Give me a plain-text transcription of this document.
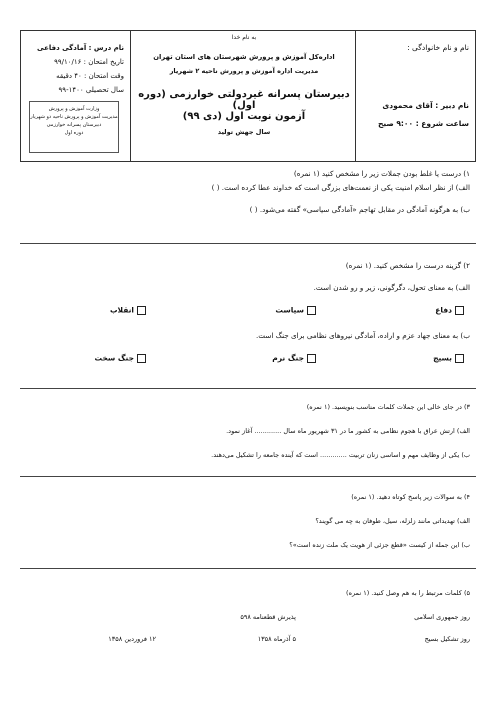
نام و نام خانوادگی :
نام دبیر : آقای محمودی
ساعت شروع : ۹:۰۰ صبح
به نام خدا
اداره‌کل آموزش و پرورش شهرستان های استان تهران
مدیریت اداره آموزش و پرورش ناحیه ۲ شهریار
دبیرستان پسرانه غیردولتی خوارزمی (دوره اول)
آزمون نوبت اول (دی ۹۹)
سال جهش تولید
نام درس : آمادگی دفاعی
تاریخ امتحان : ۹۹/۱۰/۱۶
وقت امتحان : ۴۰ دقیقه
سال تحصیلی ۱۴۰۰-۹۹
وزارت آموزش و پرورش
مدیریت آموزش و پرورش ناحیه دو شهریار
دبیرستان پسرانه خوارزمی
دوره اول
۱) درست یا غلط بودن جملات زیر را مشخص کنید (۱ نمره)
الف) از نظر اسلام امنیت یکی از نعمت‌های بزرگی است که خداوند عطا کرده است. ( )
ب) به هرگونه آمادگی در مقابل تهاجم «آمادگی سیاسی» گفته می‌شود. ( )
۲) گزینه درست را مشخص کنید. (۱ نمره)
الف) به معنای تحول، دگرگونی، زیر و رو شدن است.
دفاع
سیاست
انقلاب
ب) به معنای جهاد عزم و اراده، آمادگی نیروهای نظامی برای جنگ است.
بسیج
جنگ نرم
جنگ سخت
۳) در جای خالی این جملات کلمات مناسب بنویسید. (۱ نمره)
الف) ارتش عراق با هجوم نظامی به کشور ما در ۳۱ شهریور ماه سال ............. آغاز نمود.
ب) یکی از وظایف مهم و اساسی زنان تربیت ............. است که آینده جامعه را تشکیل می‌دهند.
۴) به سوالات زیر پاسخ کوتاه دهید. (۱ نمره)
الف) تهدیداتی مانند زلزله، سیل، طوفان به چه می گویند؟
ب) این جمله از کیست «قطع جزئی از هویت یک ملت زنده است»؟
۵) کلمات مرتبط را به هم وصل کنید. (۱ نمره)
روز جمهوری اسلامی
پذیرش قطعنامه ۵۹۸
روز تشکیل بسیج
۵ آذرماه ۱۳۵۸
۱۲ فروردین ۱۳۵۸
